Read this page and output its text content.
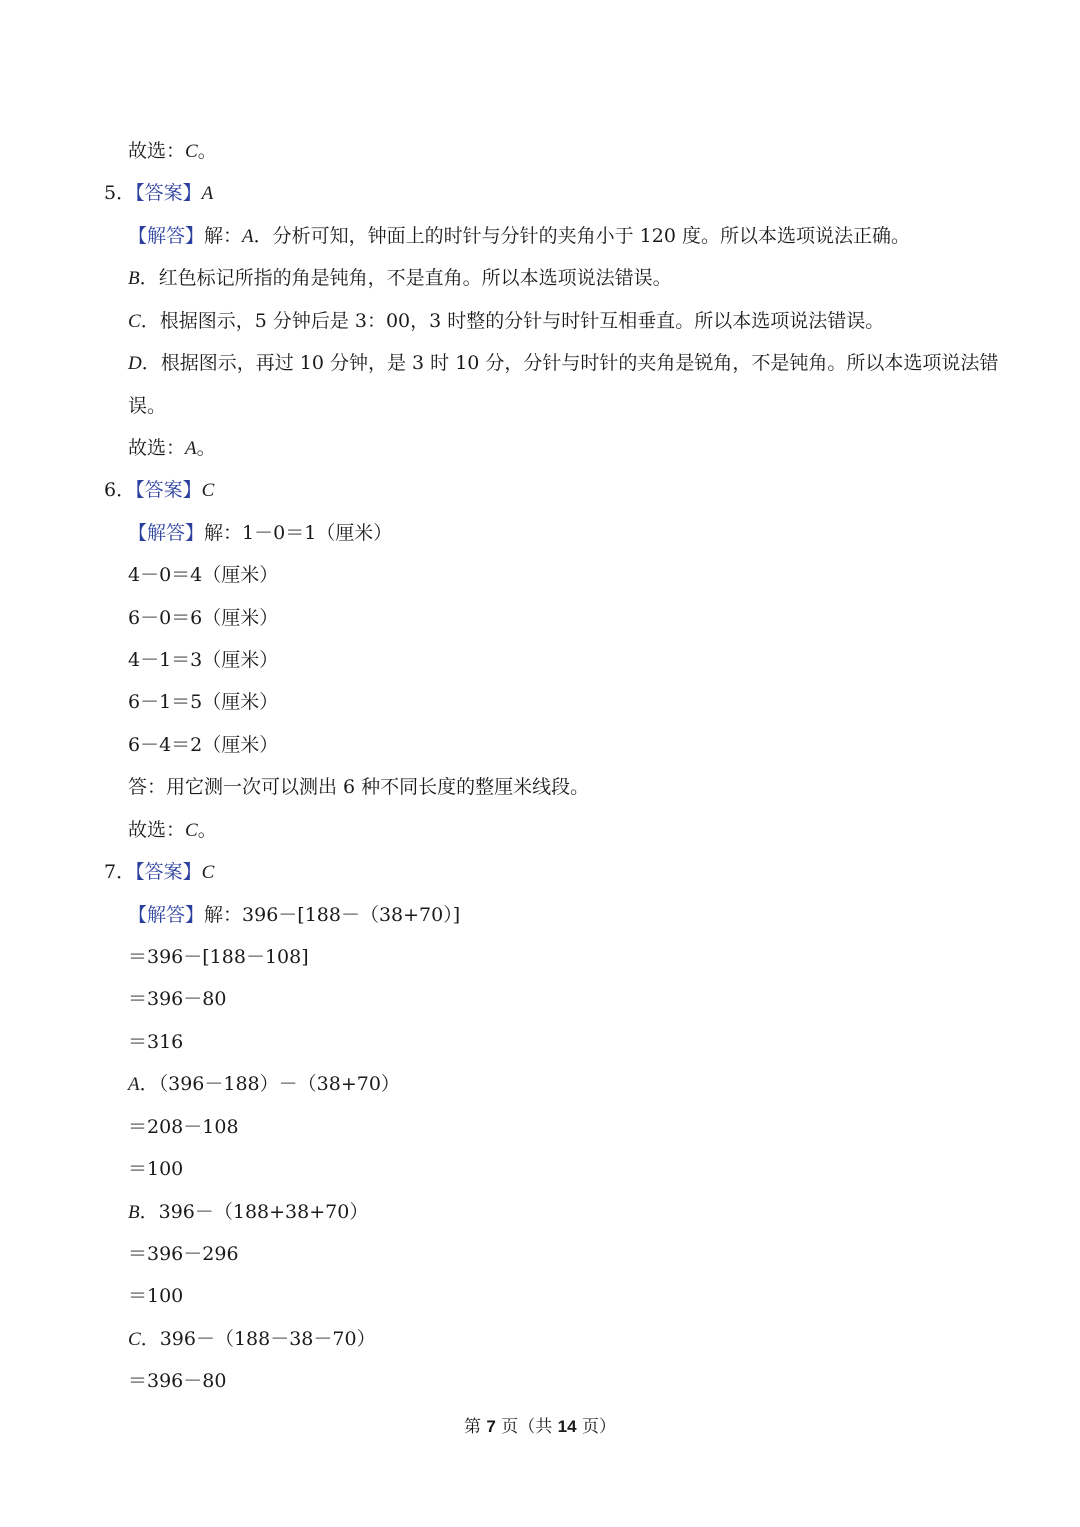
故选：C。
5．【答案】A
【解答】解：A．分析可知，钟面上的时针与分针的夹角小于 120 度。所以本选项说法正确。
B．红色标记所指的角是钝角，不是直角。所以本选项说法错误。
C．根据图示，5 分钟后是 3：00，3 时整的分针与时针互相垂直。所以本选项说法错误。
D．根据图示，再过 10 分钟，是 3 时 10 分，分针与时针的夹角是锐角，不是钝角。所以本选项说法错
误。
故选：A。
6．【答案】C
【解答】解：1－0＝1（厘米）
4－0＝4（厘米）
6－0＝6（厘米）
4－1＝3（厘米）
6－1＝5（厘米）
6－4＝2（厘米）
答：用它测一次可以测出 6 种不同长度的整厘米线段。
故选：C。
7．【答案】C
【解答】解：396－[188－（38+70）]
＝396－[188－108]
＝396－80
＝316
A．（396－188）－（38+70）
＝208－108
＝100
B．396－（188+38+70）
＝396－296
＝100
C．396－（188－38－70）
＝396－80
第 7 页（共 14 页）
